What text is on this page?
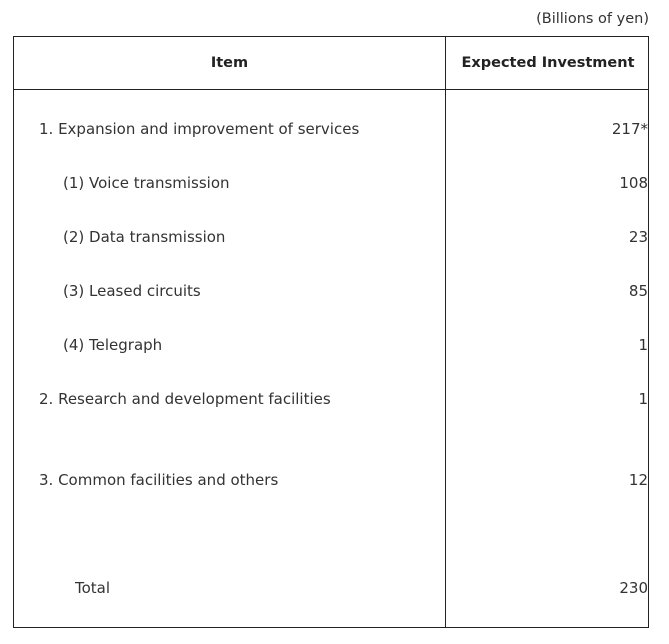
(Billions of yen)
Item	Expected Investment
1. Expansion and improvement of services	217*
(1) Voice transmission	108
(2) Data transmission	23
(3) Leased circuits	85
(4) Telegraph	1
2. Research and development facilities	1
3. Common facilities and others	12
Total	230
